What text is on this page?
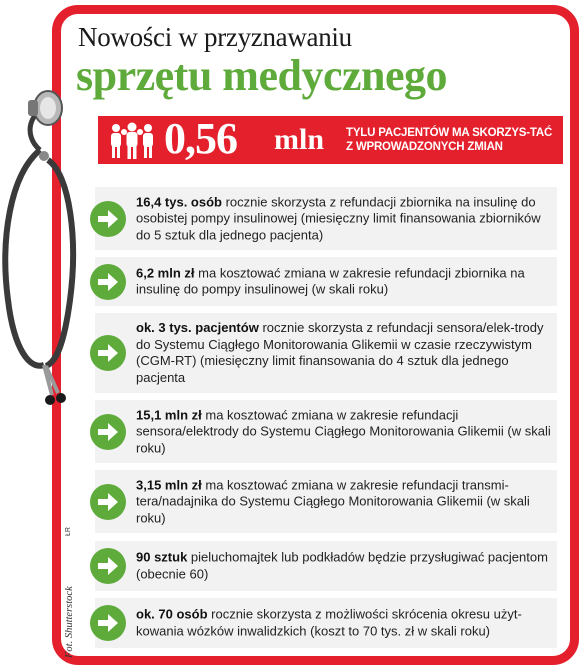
Nowości w przyznawaniu
sprzętu medycznego
0,56 mln TYLU PACJENTÓW MA SKORZYS-TAĆ Z WPROWADZONYCH ZMIAN
16,4 tys. osób rocznie skorzysta z refundacji zbiornika na insulinę do osobistej pompy insulinowej (miesięczny limit finansowania zbiorników do 5 sztuk dla jednego pacjenta)
6,2 mln zł ma kosztować zmiana w zakresie refundacji zbiornika na insulinę do pompy insulinowej (w skali roku)
ok. 3 tys. pacjentów rocznie skorzysta z refundacji sensora/elek-trody do Systemu Ciągłego Monitorowania Glikemii w czasie rzeczywistym (CGM-RT) (miesięczny limit finansowania do 4 sztuk dla jednego pacjenta
15,1 mln zł ma kosztować zmiana w zakresie refundacji sensora/elektrody do Systemu Ciągłego Monitorowania Glikemii (w skali roku)
3,15 mln zł ma kosztować zmiana w zakresie refundacji transmi-tera/nadajnika do Systemu Ciągłego Monitorowania Glikemii (w skali roku)
90 sztuk pieluchomajtek lub podkładów będzie przysługiwać pacjentom (obecnie 60)
ok. 70 osób rocznie skorzysta z możliwości skrócenia okresu użyt-kowania wózków inwalidzkich (koszt to 70 tys. zł w skali roku)
Fot. Shutterstock
ŁR
